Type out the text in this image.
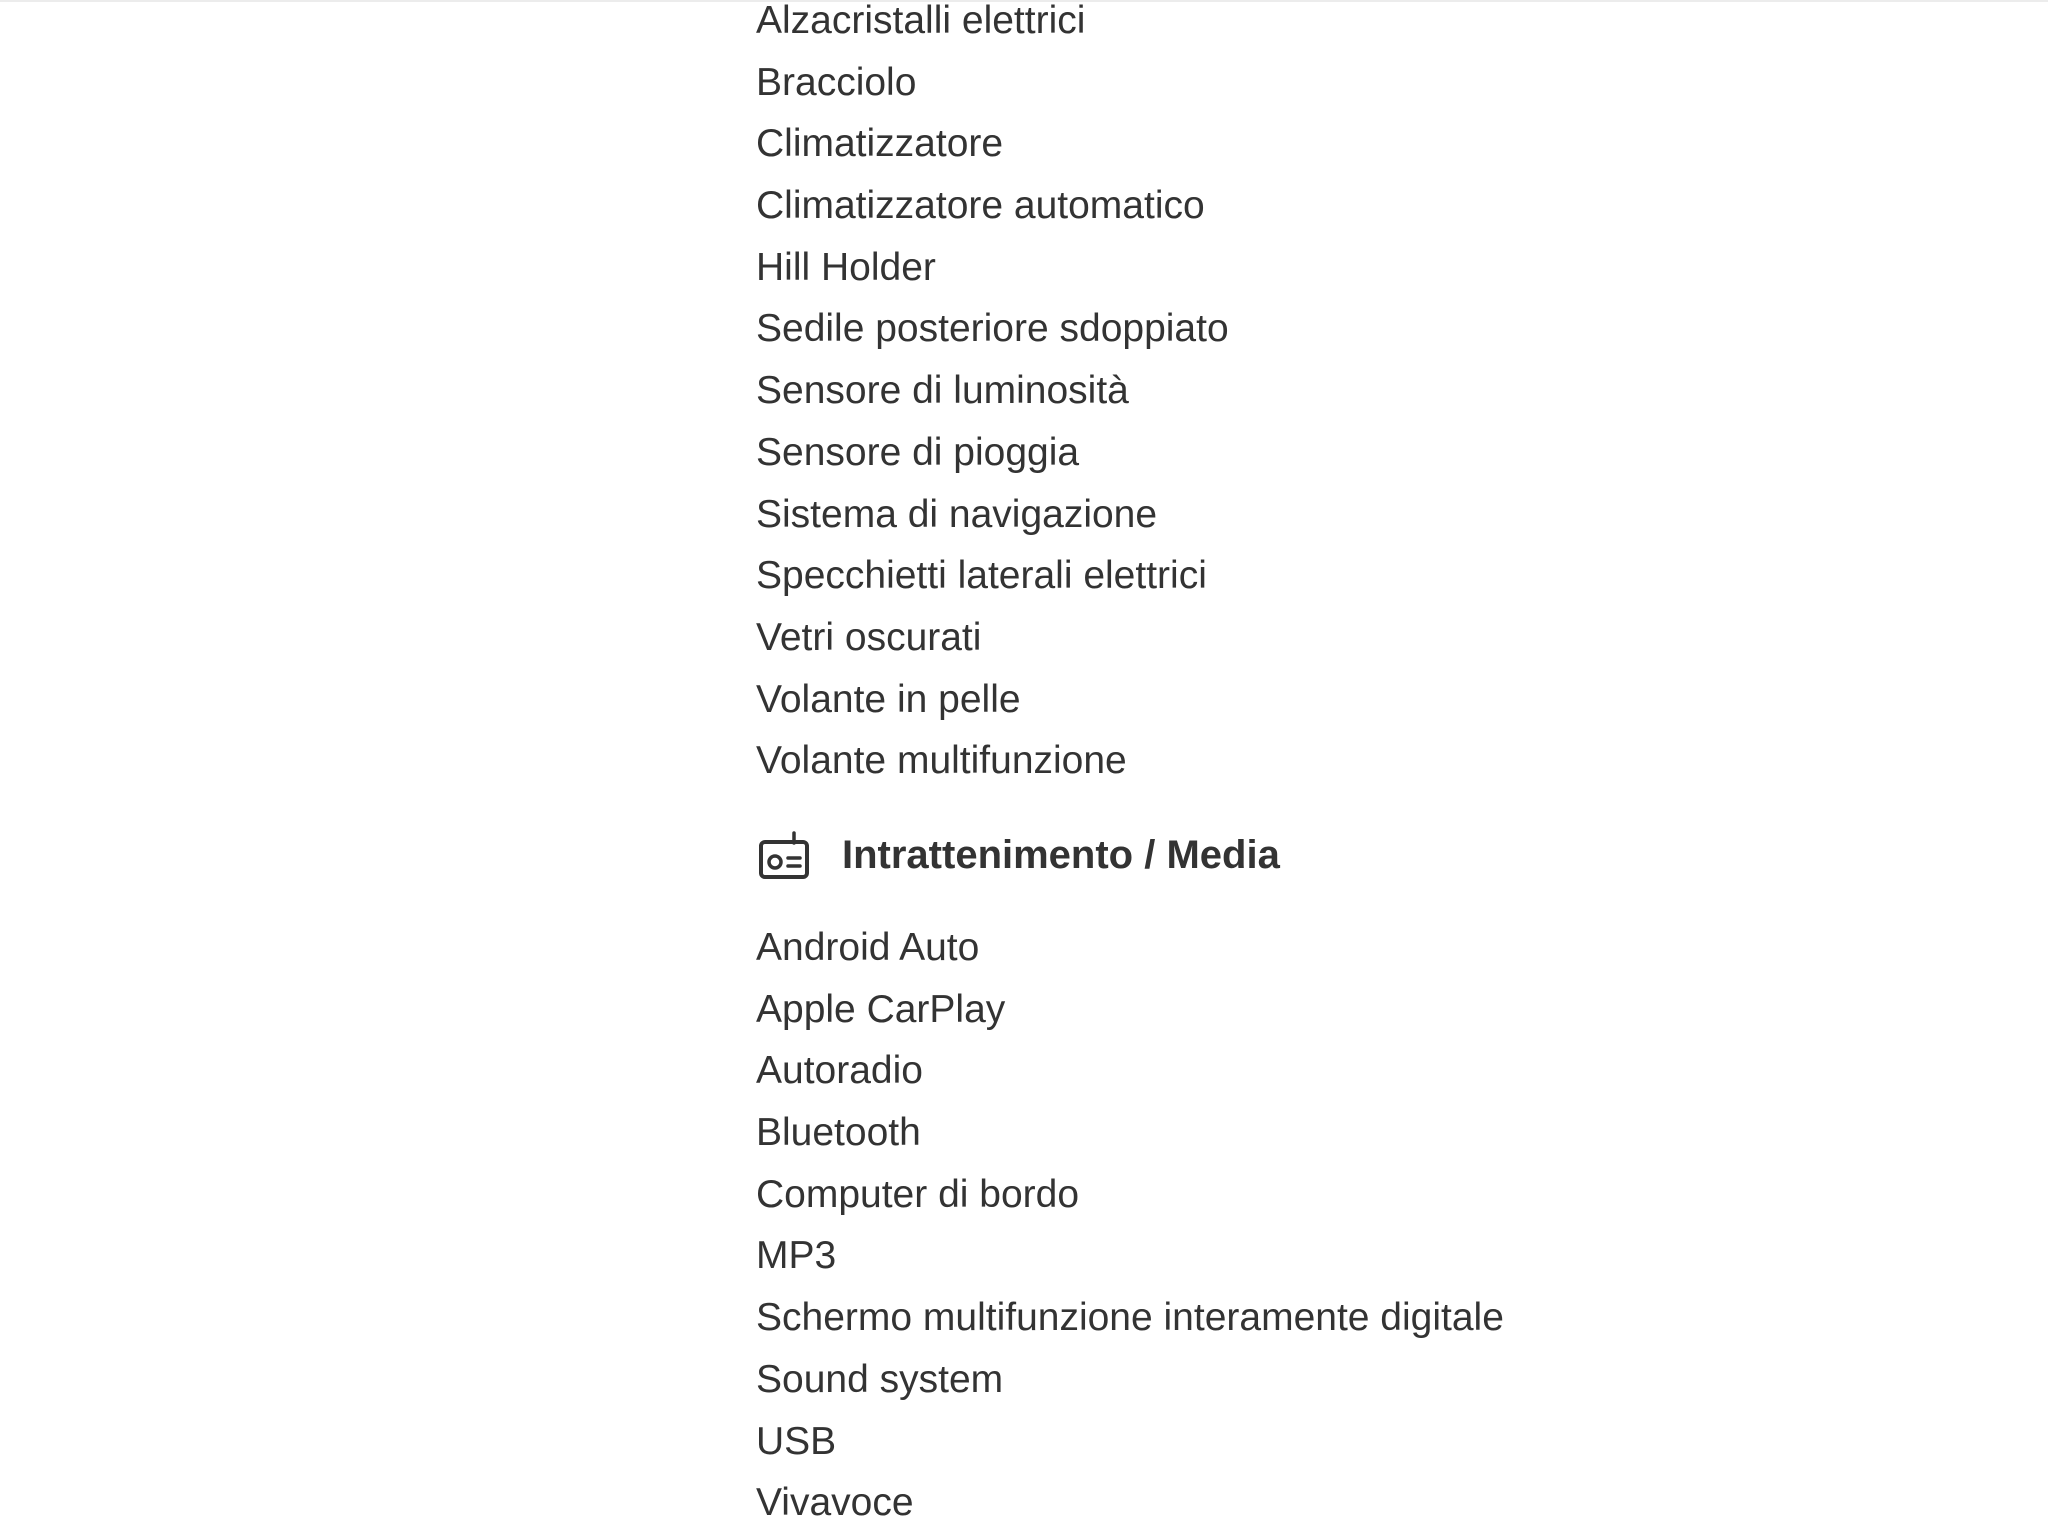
Alzacristalli elettrici
Bracciolo
Climatizzatore
Climatizzatore automatico
Hill Holder
Sedile posteriore sdoppiato
Sensore di luminosità
Sensore di pioggia
Sistema di navigazione
Specchietti laterali elettrici
Vetri oscurati
Volante in pelle
Volante multifunzione
Intrattenimento / Media
Android Auto
Apple CarPlay
Autoradio
Bluetooth
Computer di bordo
MP3
Schermo multifunzione interamente digitale
Sound system
USB
Vivavoce
